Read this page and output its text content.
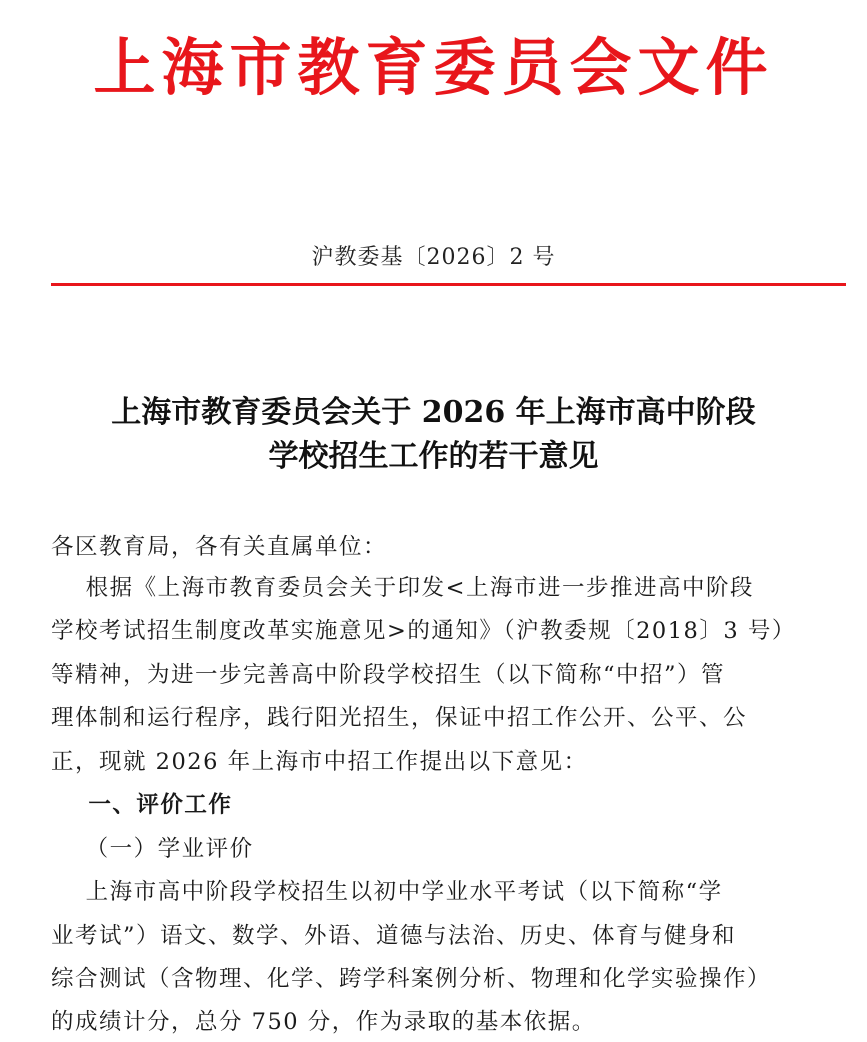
上海市教育委员会文件
沪教委基〔2026〕2 号
上海市教育委员会关于 2026 年上海市高中阶段
学校招生工作的若干意见
各区教育局，各有关直属单位：
根据《上海市教育委员会关于印发<上海市进一步推进高中阶段
学校考试招生制度改革实施意见>的通知》（沪教委规〔2018〕3 号）
等精神，为进一步完善高中阶段学校招生（以下简称“中招”）管
理体制和运行程序，践行阳光招生，保证中招工作公开、公平、公
正，现就 2026 年上海市中招工作提出以下意见：
一、评价工作
（一）学业评价
上海市高中阶段学校招生以初中学业水平考试（以下简称“学
业考试”）语文、数学、外语、道德与法治、历史、体育与健身和
综合测试（含物理、化学、跨学科案例分析、物理和化学实验操作）
的成绩计分，总分 750 分，作为录取的基本依据。
